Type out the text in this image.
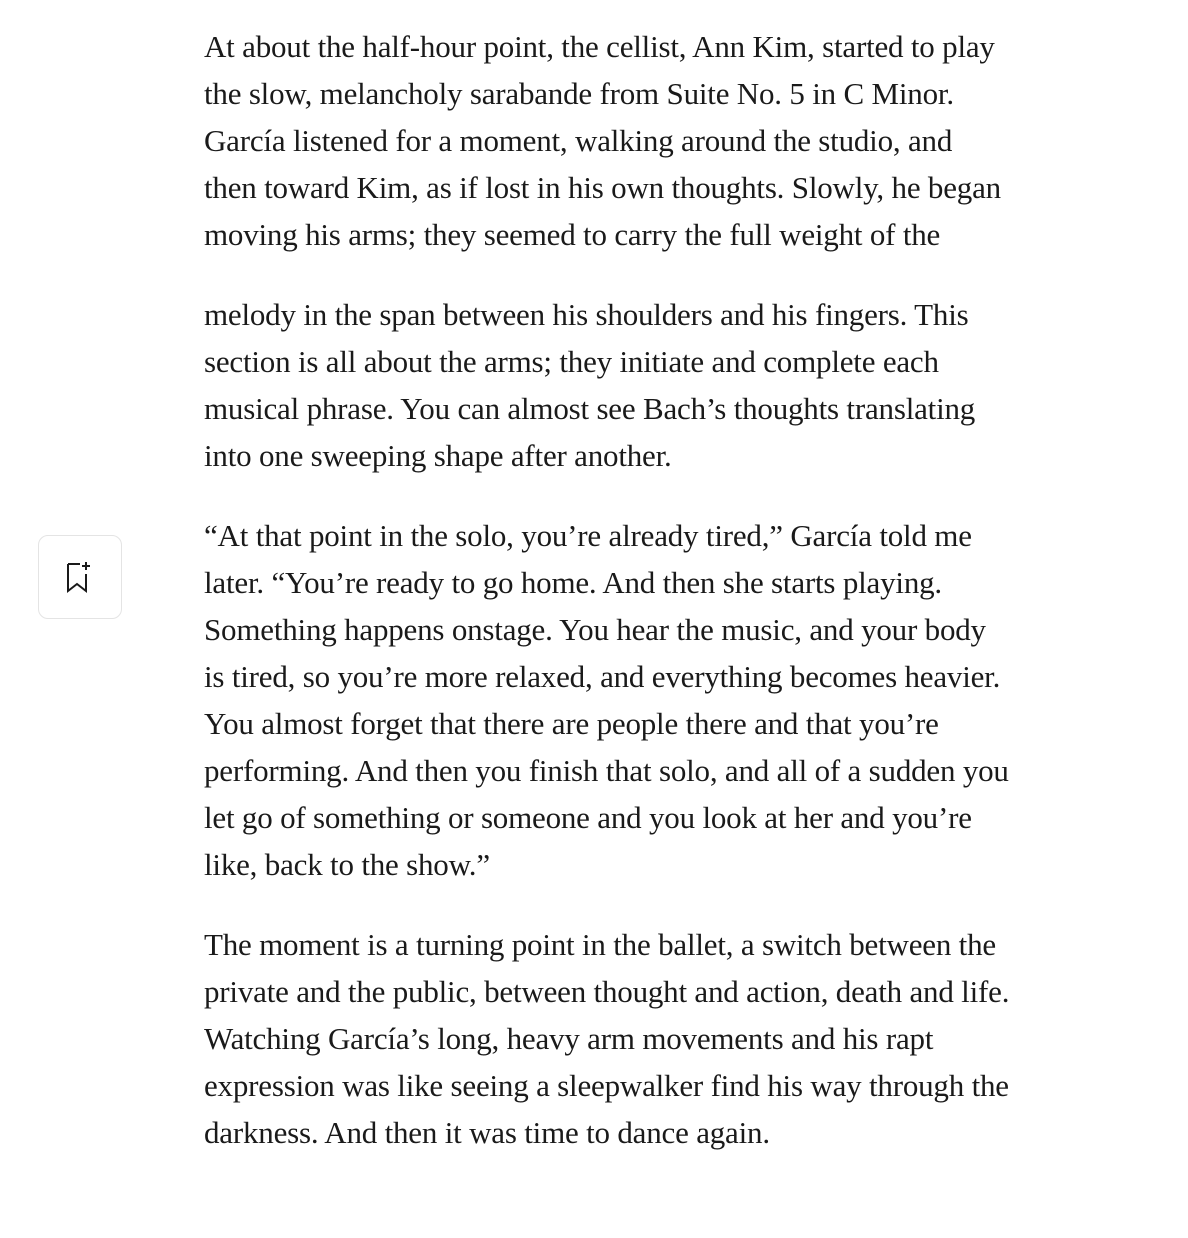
At about the half-hour point, the cellist, Ann Kim, started to play the slow, melancholy sarabande from Suite No. 5 in C Minor. García listened for a moment, walking around the studio, and then toward Kim, as if lost in his own thoughts. Slowly, he began moving his arms; they seemed to carry the full weight of the

melody in the span between his shoulders and his fingers. This section is all about the arms; they initiate and complete each musical phrase. You can almost see Bach’s thoughts translating into one sweeping shape after another.

“At that point in the solo, you’re already tired,” García told me later. “You’re ready to go home. And then she starts playing. Something happens onstage. You hear the music, and your body is tired, so you’re more relaxed, and everything becomes heavier. You almost forget that there are people there and that you’re performing. And then you finish that solo, and all of a sudden you let go of something or someone and you look at her and you’re like, back to the show.”

The moment is a turning point in the ballet, a switch between the private and the public, between thought and action, death and life. Watching García’s long, heavy arm movements and his rapt expression was like seeing a sleepwalker find his way through the darkness. And then it was time to dance again.
